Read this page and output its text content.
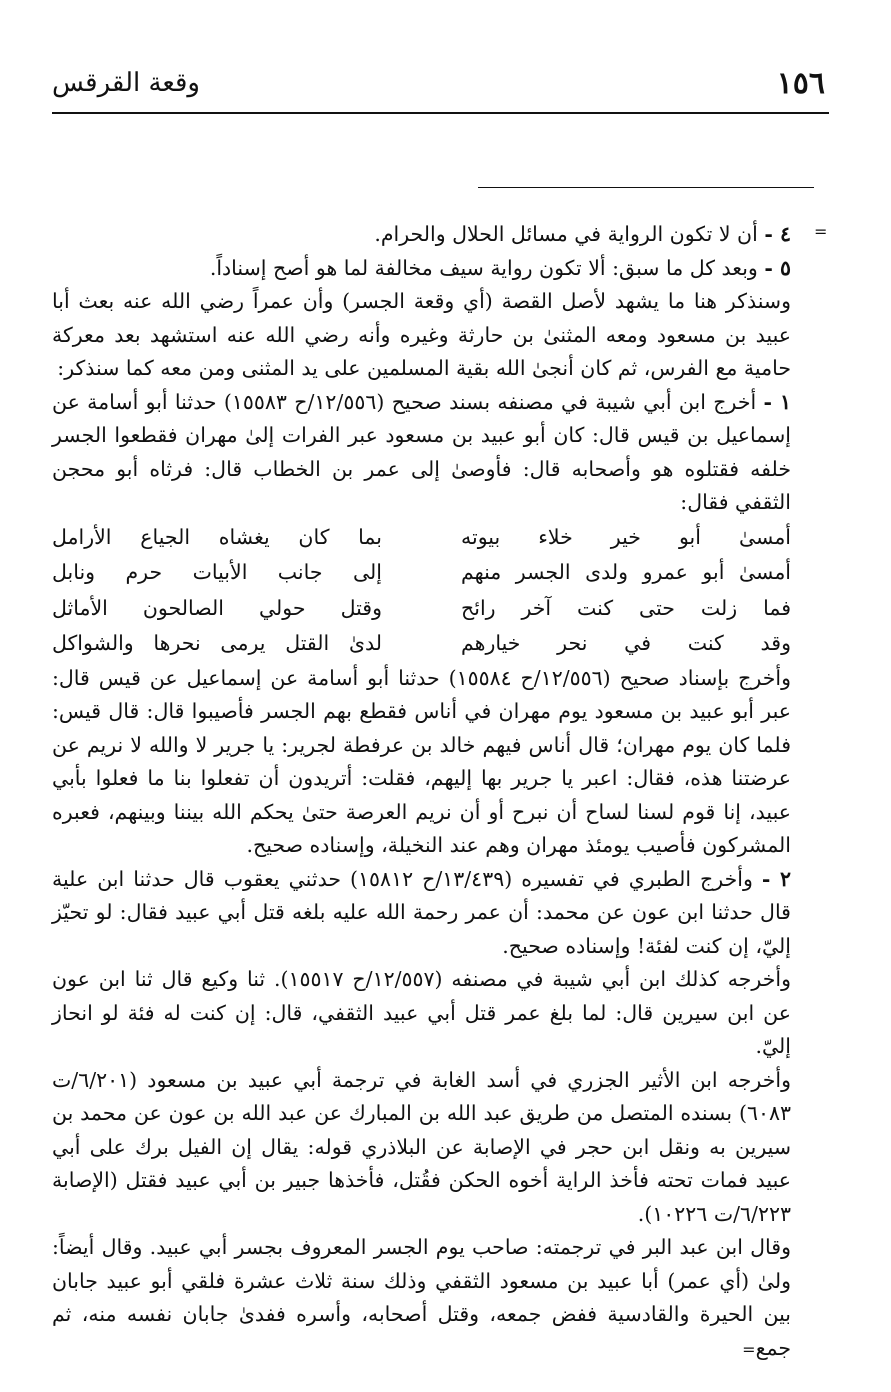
١٥٦
وقعة القرقس
=

٤ - أن لا تكون الرواية في مسائل الحلال والحرام.

٥ - وبعد كل ما سبق: ألا تكون رواية سيف مخالفة لما هو أصح إسناداً.

وسنذكر هنا ما يشهد لأصل القصة (أي وقعة الجسر) وأن عمراً رضي الله عنه بعث أبا عبيد بن مسعود ومعه المثنىٰ بن حارثة وغيره وأنه رضي الله عنه استشهد بعد معركة حامية مع الفرس، ثم كان أنجىٰ الله بقية المسلمين على يد المثنى ومن معه كما سنذكر:

١ - أخرج ابن أبي شيبة في مصنفه بسند صحيح (١٢/٥٥٦/ح ١٥٥٨٣) حدثنا أبو أسامة عن إسماعيل بن قيس قال: كان أبو عبيد بن مسعود عبر الفرات إلىٰ مهران فقطعوا الجسر خلفه فقتلوه هو وأصحابه قال: فأوصىٰ إلى عمر بن الخطاب قال: فرثاه أبو محجن الثقفي فقال:

أمسىٰ أبو خير خلاء بيوته
بما كان يغشاه الجياع الأرامل
أمسىٰ أبو عمرو ولدى الجسر منهم
إلى جانب الأبيات حرم ونابل
فما زلت حتى كنت آخر رائح
وقتل حولي الصالحون الأماثل
وقد كنت في نحر خيارهم
لدىٰ القتل يرمى نحرها والشواكل

وأخرج بإسناد صحيح (١٢/٥٥٦/ح ١٥٥٨٤) حدثنا أبو أسامة عن إسماعيل عن قيس قال: عبر أبو عبيد بن مسعود يوم مهران في أناس فقطع بهم الجسر فأصيبوا قال: قال قيس: فلما كان يوم مهران؛ قال أناس فيهم خالد بن عرفطة لجرير: يا جرير لا والله لا نريم عن عرضتنا هذه، فقال: اعبر يا جرير بها إليهم، فقلت: أتريدون أن تفعلوا بنا ما فعلوا بأبي عبيد، إنا قوم لسنا لساح أن نبرح أو أن نريم العرصة حتىٰ يحكم الله بيننا وبينهم، فعبره المشركون فأصيب يومئذ مهران وهم عند النخيلة، وإسناده صحيح.

٢ - وأخرج الطبري في تفسيره (١٣/٤٣٩/ح ١٥٨١٢) حدثني يعقوب قال حدثنا ابن علية قال حدثنا ابن عون عن محمد: أن عمر رحمة الله عليه بلغه قتل أبي عبيد فقال: لو تحيّز إليّ، إن كنت لفئة! وإسناده صحيح.

وأخرجه كذلك ابن أبي شيبة في مصنفه (١٢/٥٥٧/ح ١٥٥١٧). ثنا وكيع قال ثنا ابن عون عن ابن سيرين قال: لما بلغ عمر قتل أبي عبيد الثقفي، قال: إن كنت له فئة لو انحاز إليّ.

وأخرجه ابن الأثير الجزري في أسد الغابة في ترجمة أبي عبيد بن مسعود (٦/٢٠١/ت ٦٠٨٣) بسنده المتصل من طريق عبد الله بن المبارك عن عبد الله بن عون عن محمد بن سيرين به ونقل ابن حجر في الإصابة عن البلاذري قوله: يقال إن الفيل برك على أبي عبيد فمات تحته فأخذ الراية أخوه الحكن فقُتل، فأخذها جبير بن أبي عبيد فقتل (الإصابة ٦/٢٢٣/ت ١٠٢٢٦).

وقال ابن عبد البر في ترجمته: صاحب يوم الجسر المعروف بجسر أبي عبيد. وقال أيضاً: ولىٰ (أي عمر) أبا عبيد بن مسعود الثقفي وذلك سنة ثلاث عشرة فلقي أبو عبيد جابان بين الحيرة والقادسية ففض جمعه، وقتل أصحابه، وأسره ففدىٰ جابان نفسه منه، ثم جمع=
